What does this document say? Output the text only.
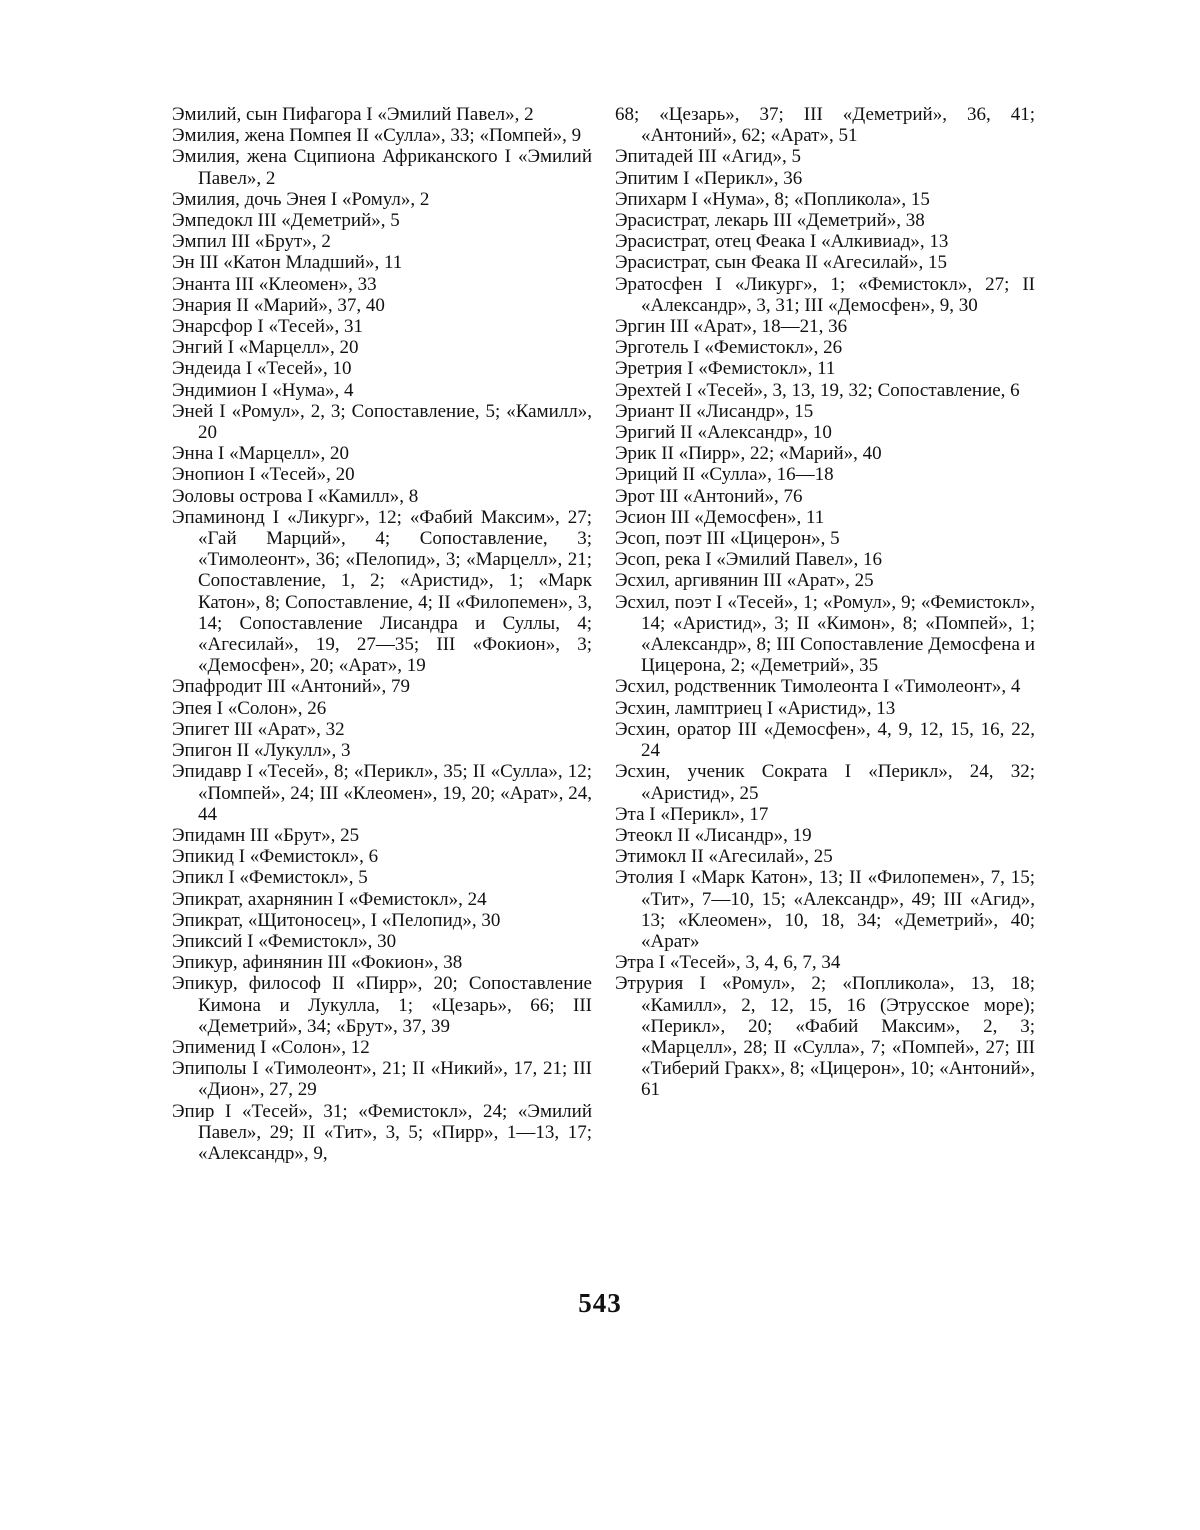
Эмилий, сын Пифагора I «Эмилий Павел», 2

Эмилия, жена Помпея II «Сулла», 33; «Помпей», 9

Эмилия, жена Сципиона Африканского I «Эмилий Павел», 2

Эмилия, дочь Энея I «Ромул», 2

Эмпедокл III «Деметрий», 5

Эмпил III «Брут», 2

Эн III «Катон Младший», 11

Энанта III «Клеомен», 33

Энария II «Марий», 37, 40

Энарсфор I «Тесей», 31

Энгий I «Марцелл», 20

Эндеида I «Тесей», 10

Эндимион I «Нума», 4

Эней I «Ромул», 2, 3; Сопоставление, 5; «Камилл», 20

Энна I «Марцелл», 20

Энопион I «Тесей», 20

Эоловы острова I «Камилл», 8

Эпаминонд I «Ликург», 12; «Фабий Максим», 27; «Гай Марций», 4; Сопоставление, 3; «Тимолеонт», 36; «Пелопид», 3; «Марцелл», 21; Сопоставление, 1, 2; «Аристид», 1; «Марк Катон», 8; Сопоставление, 4; II «Филопемен», 3, 14; Сопоставление Лисандра и Суллы, 4; «Агесилай», 19, 27—35; III «Фокион», 3; «Демосфен», 20; «Арат», 19

Эпафродит III «Антоний», 79

Эпея I «Солон», 26

Эпигет III «Арат», 32

Эпигон II «Лукулл», 3

Эпидавр I «Тесей», 8; «Перикл», 35; II «Сулла», 12; «Помпей», 24; III «Клеомен», 19, 20; «Арат», 24, 44

Эпидамн III «Брут», 25

Эпикид I «Фемистокл», 6

Эпикл I «Фемистокл», 5

Эпикрат, ахарнянин I «Фемистокл», 24

Эпикрат, «Щитоносец», I «Пелопид», 30

Эпиксий I «Фемистокл», 30

Эпикур, афинянин III «Фокион», 38

Эпикур, философ II «Пирр», 20; Сопоставление Кимона и Лукулла, 1; «Цезарь», 66; III «Деметрий», 34; «Брут», 37, 39

Эпименид I «Солон», 12

Эпиполы I «Тимолеонт», 21; II «Никий», 17, 21; III «Дион», 27, 29

Эпир I «Тесей», 31; «Фемистокл», 24; «Эмилий Павел», 29; II «Тит», 3, 5; «Пирр», 1—13, 17; «Александр», 9,

68; «Цезарь», 37; III «Деметрий», 36, 41; «Антоний», 62; «Арат», 51

Эпитадей III «Агид», 5

Эпитим I «Перикл», 36

Эпихарм I «Нума», 8; «Попликола», 15

Эрасистрат, лекарь III «Деметрий», 38

Эрасистрат, отец Феака I «Алкивиад», 13

Эрасистрат, сын Феака II «Агесилай», 15

Эратосфен I «Ликург», 1; «Фемистокл», 27; II «Александр», 3, 31; III «Демосфен», 9, 30

Эргин III «Арат», 18—21, 36

Эрготель I «Фемистокл», 26

Эретрия I «Фемистокл», 11

Эрехтей I «Тесей», 3, 13, 19, 32; Сопоставление, 6

Эриант II «Лисандр», 15

Эригий II «Александр», 10

Эрик II «Пирр», 22; «Марий», 40

Эриций II «Сулла», 16—18

Эрот III «Антоний», 76

Эсион III «Демосфен», 11

Эсоп, поэт III «Цицерон», 5

Эсоп, река I «Эмилий Павел», 16

Эсхил, аргивянин III «Арат», 25

Эсхил, поэт I «Тесей», 1; «Ромул», 9; «Фемистокл», 14; «Аристид», 3; II «Кимон», 8; «Помпей», 1; «Александр», 8; III Сопоставление Демосфена и Цицерона, 2; «Деметрий», 35

Эсхил, родственник Тимолеонта I «Тимолеонт», 4

Эсхин, ламптриец I «Аристид», 13

Эсхин, оратор III «Демосфен», 4, 9, 12, 15, 16, 22, 24

Эсхин, ученик Сократа I «Перикл», 24, 32; «Аристид», 25

Эта I «Перикл», 17

Этеокл II «Лисандр», 19

Этимокл II «Агесилай», 25

Этолия I «Марк Катон», 13; II «Филопемен», 7, 15; «Тит», 7—10, 15; «Александр», 49; III «Агид», 13; «Клеомен», 10, 18, 34; «Деметрий», 40; «Арат»

Этра I «Тесей», 3, 4, 6, 7, 34

Этрурия I «Ромул», 2; «Попликола», 13, 18; «Камилл», 2, 12, 15, 16 (Этрусское море); «Перикл», 20; «Фабий Максим», 2, 3; «Марцелл», 28; II «Сулла», 7; «Помпей», 27; III «Тиберий Гракх», 8; «Цицерон», 10; «Антоний», 61

543
